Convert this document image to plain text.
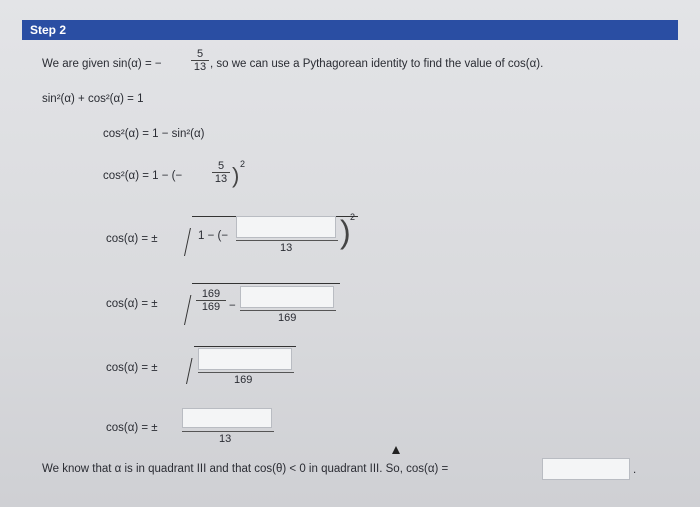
Step 2
We are given sin(α) = −	$\frac{5}{13}$ , so we can use a Pythagorean identity to find the value of cos(α).
sin²(α) + cos²(α) = 1
cos²(α) = 1 − sin²(α)
cos²(α) = 1 − (−	$\frac{5}{13}$ ) 2
cos(α) = ±	1 − (−
13 ) 2
cos(α) = ±	$\frac{169}{169}$ −
169
cos(α) = ±
169
cos(α) = ±
13
We know that α is in quadrant III and that cos(θ) < 0 in quadrant III. So, cos(α) =	.
